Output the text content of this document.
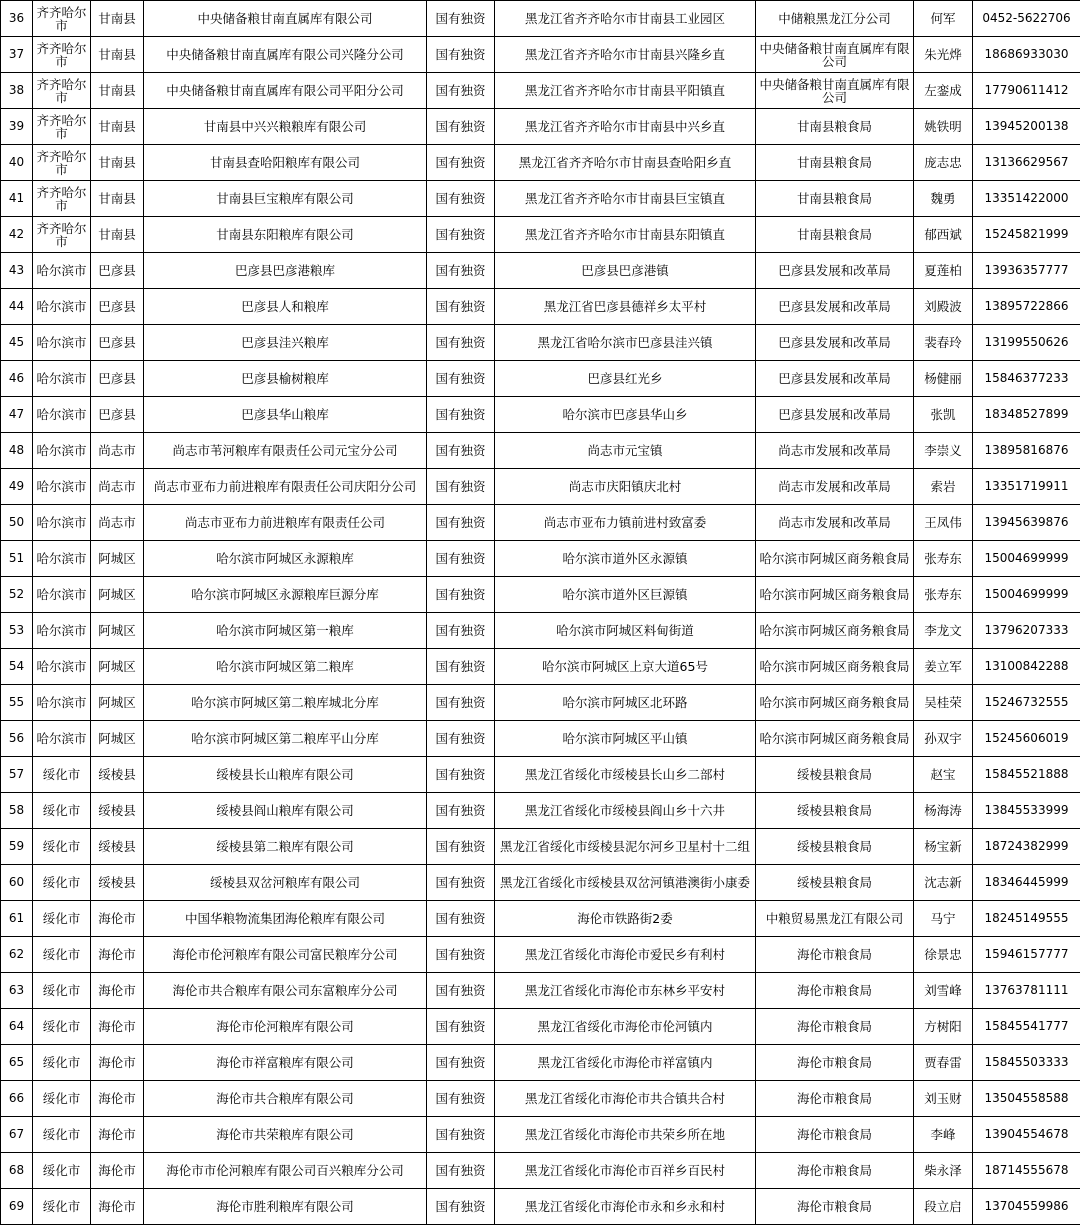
36	齐齐哈尔市	甘南县	中央储备粮甘南直属库有限公司	国有独资	黑龙江省齐齐哈尔市甘南县工业园区	中储粮黑龙江分公司	何军	0452-5622706
37	齐齐哈尔市	甘南县	中央储备粮甘南直属库有限公司兴隆分公司	国有独资	黑龙江省齐齐哈尔市甘南县兴隆乡直	中央储备粮甘南直属库有限公司	朱光烨	18686933030
38	齐齐哈尔市	甘南县	中央储备粮甘南直属库有限公司平阳分公司	国有独资	黑龙江省齐齐哈尔市甘南县平阳镇直	中央储备粮甘南直属库有限公司	左銮成	17790611412
39	齐齐哈尔市	甘南县	甘南县中兴兴粮粮库有限公司	国有独资	黑龙江省齐齐哈尔市甘南县中兴乡直	甘南县粮食局	姚铁明	13945200138
40	齐齐哈尔市	甘南县	甘南县查哈阳粮库有限公司	国有独资	黑龙江省齐齐哈尔市甘南县查哈阳乡直	甘南县粮食局	庞志忠	13136629567
41	齐齐哈尔市	甘南县	甘南县巨宝粮库有限公司	国有独资	黑龙江省齐齐哈尔市甘南县巨宝镇直	甘南县粮食局	魏勇	13351422000
42	齐齐哈尔市	甘南县	甘南县东阳粮库有限公司	国有独资	黑龙江省齐齐哈尔市甘南县东阳镇直	甘南县粮食局	郁西斌	15245821999
43	哈尔滨市	巴彦县	巴彦县巴彦港粮库	国有独资	巴彦县巴彦港镇	巴彦县发展和改革局	夏莲柏	13936357777
44	哈尔滨市	巴彦县	巴彦县人和粮库	国有独资	黑龙江省巴彦县德祥乡太平村	巴彦县发展和改革局	刘殿波	13895722866
45	哈尔滨市	巴彦县	巴彦县洼兴粮库	国有独资	黑龙江省哈尔滨市巴彦县洼兴镇	巴彦县发展和改革局	裴春玲	13199550626
46	哈尔滨市	巴彦县	巴彦县榆树粮库	国有独资	巴彦县红光乡	巴彦县发展和改革局	杨健丽	15846377233
47	哈尔滨市	巴彦县	巴彦县华山粮库	国有独资	哈尔滨市巴彦县华山乡	巴彦县发展和改革局	张凯	18348527899
48	哈尔滨市	尚志市	尚志市苇河粮库有限责任公司元宝分公司	国有独资	尚志市元宝镇	尚志市发展和改革局	李崇义	13895816876
49	哈尔滨市	尚志市	尚志市亚布力前进粮库有限责任公司庆阳分公司	国有独资	尚志市庆阳镇庆北村	尚志市发展和改革局	索岩	13351719911
50	哈尔滨市	尚志市	尚志市亚布力前进粮库有限责任公司	国有独资	尚志市亚布力镇前进村致富委	尚志市发展和改革局	王凤伟	13945639876
51	哈尔滨市	阿城区	哈尔滨市阿城区永源粮库	国有独资	哈尔滨市道外区永源镇	哈尔滨市阿城区商务粮食局	张寿东	15004699999
52	哈尔滨市	阿城区	哈尔滨市阿城区永源粮库巨源分库	国有独资	哈尔滨市道外区巨源镇	哈尔滨市阿城区商务粮食局	张寿东	15004699999
53	哈尔滨市	阿城区	哈尔滨市阿城区第一粮库	国有独资	哈尔滨市阿城区料甸街道	哈尔滨市阿城区商务粮食局	李龙文	13796207333
54	哈尔滨市	阿城区	哈尔滨市阿城区第二粮库	国有独资	哈尔滨市阿城区上京大道65号	哈尔滨市阿城区商务粮食局	姜立军	13100842288
55	哈尔滨市	阿城区	哈尔滨市阿城区第二粮库城北分库	国有独资	哈尔滨市阿城区北环路	哈尔滨市阿城区商务粮食局	吴桂荣	15246732555
56	哈尔滨市	阿城区	哈尔滨市阿城区第二粮库平山分库	国有独资	哈尔滨市阿城区平山镇	哈尔滨市阿城区商务粮食局	孙双宇	15245606019
57	绥化市	绥棱县	绥棱县长山粮库有限公司	国有独资	黑龙江省绥化市绥棱县长山乡二部村	绥棱县粮食局	赵宝	15845521888
58	绥化市	绥棱县	绥棱县阎山粮库有限公司	国有独资	黑龙江省绥化市绥棱县阎山乡十六井	绥棱县粮食局	杨海涛	13845533999
59	绥化市	绥棱县	绥棱县第二粮库有限公司	国有独资	黑龙江省绥化市绥棱县泥尔河乡卫星村十二组	绥棱县粮食局	杨宝新	18724382999
60	绥化市	绥棱县	绥棱县双岔河粮库有限公司	国有独资	黑龙江省绥化市绥棱县双岔河镇港澳街小康委	绥棱县粮食局	沈志新	18346445999
61	绥化市	海伦市	中国华粮物流集团海伦粮库有限公司	国有独资	海伦市铁路街2委	中粮贸易黑龙江有限公司	马宁	18245149555
62	绥化市	海伦市	海伦市伦河粮库有限公司富民粮库分公司	国有独资	黑龙江省绥化市海伦市爱民乡有利村	海伦市粮食局	徐景忠	15946157777
63	绥化市	海伦市	海伦市共合粮库有限公司东富粮库分公司	国有独资	黑龙江省绥化市海伦市东林乡平安村	海伦市粮食局	刘雪峰	13763781111
64	绥化市	海伦市	海伦市伦河粮库有限公司	国有独资	黑龙江省绥化市海伦市伦河镇内	海伦市粮食局	方树阳	15845541777
65	绥化市	海伦市	海伦市祥富粮库有限公司	国有独资	黑龙江省绥化市海伦市祥富镇内	海伦市粮食局	贾春雷	15845503333
66	绥化市	海伦市	海伦市共合粮库有限公司	国有独资	黑龙江省绥化市海伦市共合镇共合村	海伦市粮食局	刘玉财	13504558588
67	绥化市	海伦市	海伦市共荣粮库有限公司	国有独资	黑龙江省绥化市海伦市共荣乡所在地	海伦市粮食局	李峰	13904554678
68	绥化市	海伦市	海伦市市伦河粮库有限公司百兴粮库分公司	国有独资	黑龙江省绥化市海伦市百祥乡百民村	海伦市粮食局	柴永泽	18714555678
69	绥化市	海伦市	海伦市胜利粮库有限公司	国有独资	黑龙江省绥化市海伦市永和乡永和村	海伦市粮食局	段立启	13704559986
